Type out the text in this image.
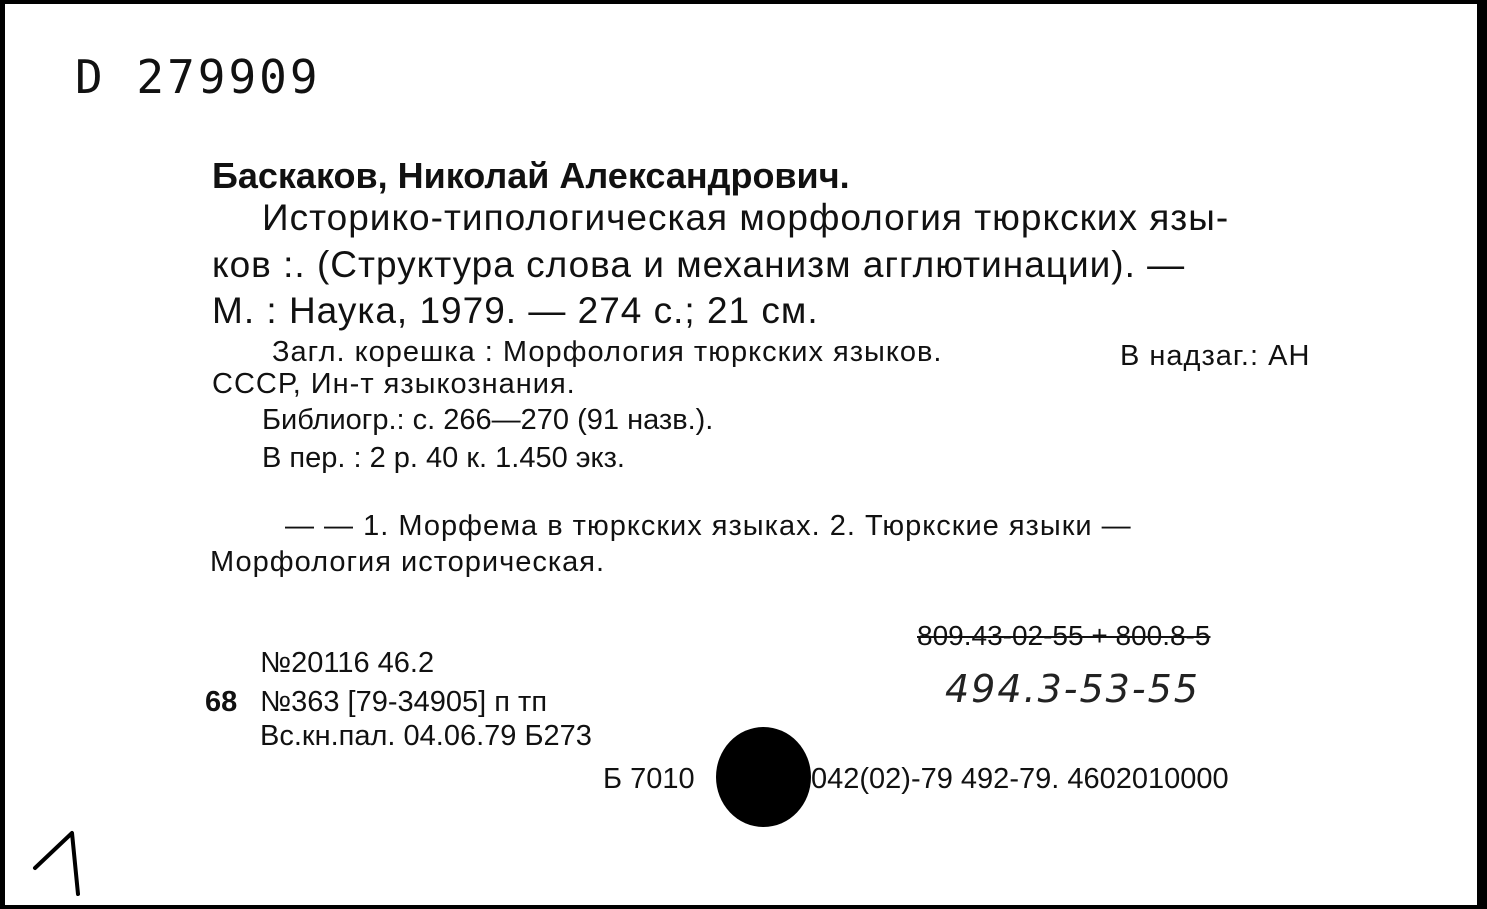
D 279909
Баскаков, Николай Александрович.
Историко-типологическая морфология тюркских язы-
ков :. (Структура слова и механизм агглютинации). —
М. : Наука, 1979. — 274 с.; 21 см.
Загл. корешка : Морфология тюркских языков.	В надзаг.: АН
СССР, Ин-т языкознания.
Библиогр.: с. 266—270 (91 назв.).
В пер. : 2 р. 40 к. 1.450 экз.
— — 1. Морфема в тюркских языках. 2. Тюркские языки —
Морфология историческая.
809.43-02-55 + 800.8-5
494.3-53-55
№20116 46.2
68 №363 [79-34905] п тп
Вс.кн.пал. 04.06.79 Б273
Б 7010	042(02)-79 492-79. 4602010000
